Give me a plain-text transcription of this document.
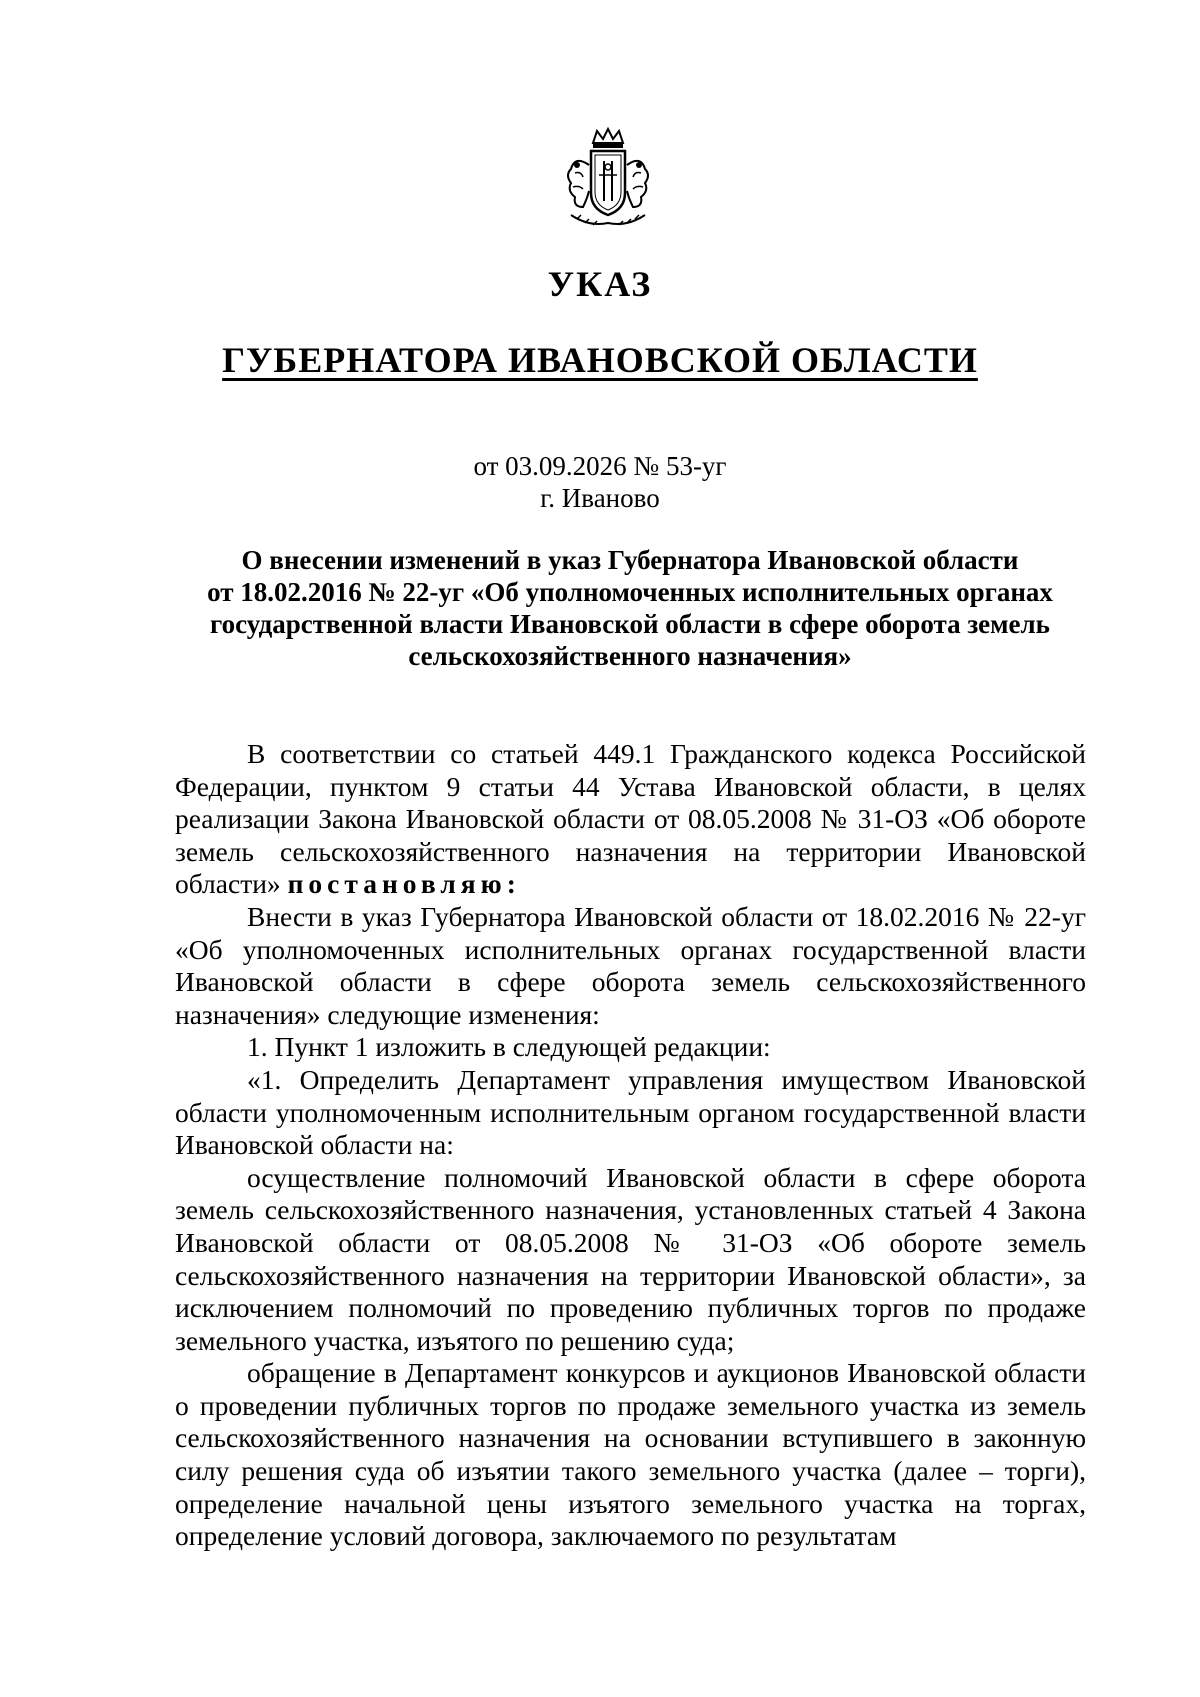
УКАЗ
ГУБЕРНАТОРА ИВАНОВСКОЙ ОБЛАСТИ
от 03.09.2026 № 53-уг
г. Иваново
О внесении изменений в указ Губернатора Ивановской области
от 18.02.2016 № 22-уг «Об уполномоченных исполнительных органах
государственной власти Ивановской области в сфере оборота земель
сельскохозяйственного назначения»

В соответствии со статьей 449.1 Гражданского кодекса Российской Федерации, пунктом 9 статьи 44 Устава Ивановской области, в целях реализации Закона Ивановской области от 08.05.2008 № 31-ОЗ «Об обороте земель сельскохозяйственного назначения на территории Ивановской области» постановляю:

Внести в указ Губернатора Ивановской области от 18.02.2016 № 22-уг «Об уполномоченных исполнительных органах государственной власти Ивановской области в сфере оборота земель сельскохозяйственного назначения» следующие изменения:

1. Пункт 1 изложить в следующей редакции:

«1. Определить Департамент управления имуществом Ивановской области уполномоченным исполнительным органом государственной власти Ивановской области на:

осуществление полномочий Ивановской области в сфере оборота земель сельскохозяйственного назначения, установленных статьей 4 Закона Ивановской области от 08.05.2008 № 31-ОЗ «Об обороте земель сельскохозяйственного назначения на территории Ивановской области», за исключением полномочий по проведению публичных торгов по продаже земельного участка, изъятого по решению суда;

обращение в Департамент конкурсов и аукционов Ивановской области о проведении публичных торгов по продаже земельного участка из земель сельскохозяйственного назначения на основании вступившего в законную силу решения суда об изъятии такого земельного участка (далее – торги), определение начальной цены изъятого земельного участка на торгах, определение условий договора, заключаемого по результатам
